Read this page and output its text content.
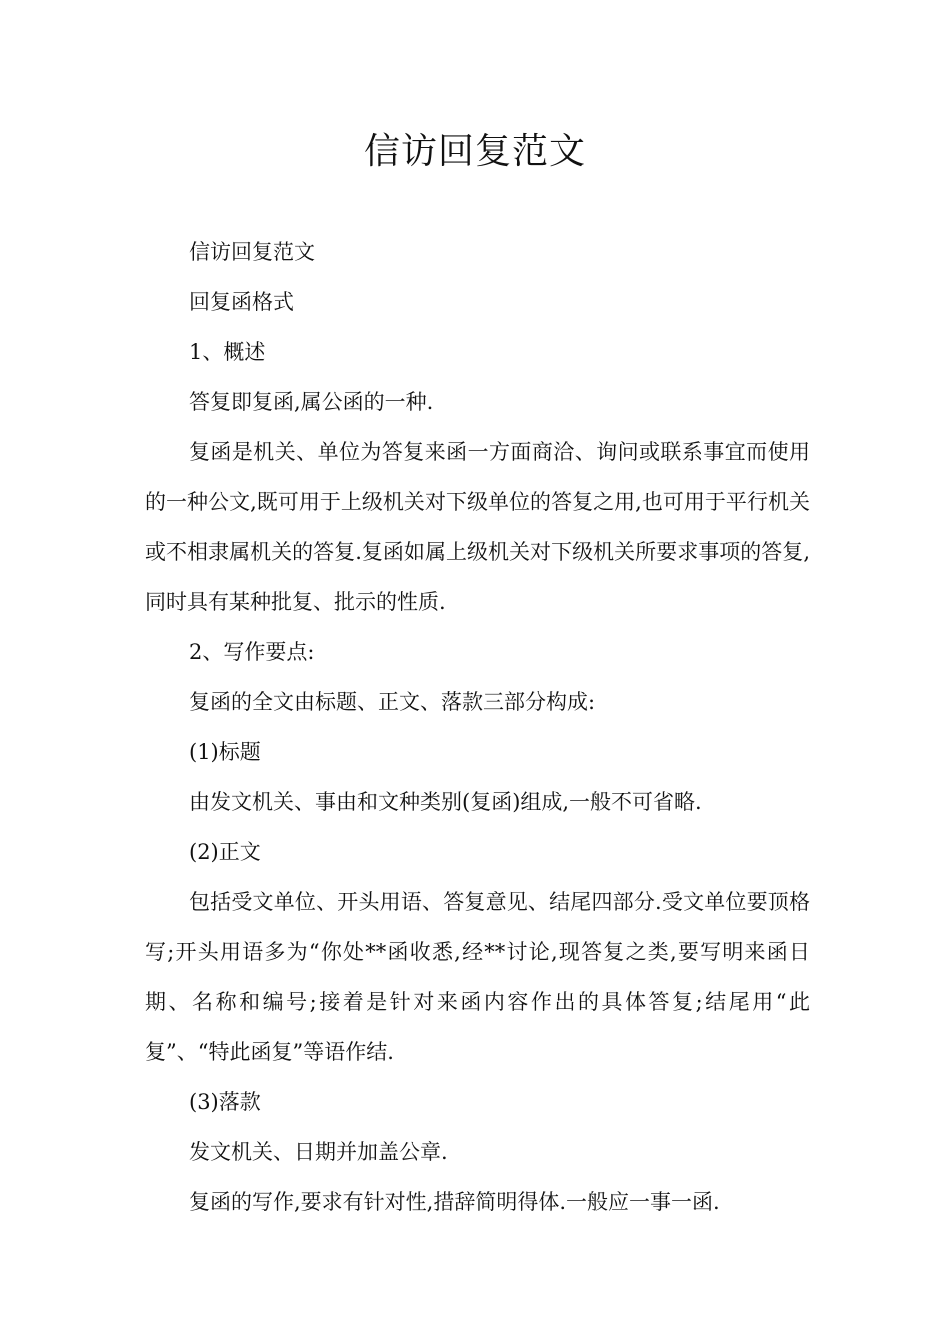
信访回复范文

信访回复范文

回复函格式

1、概述

答复即复函,属公函的一种.

复函是机关、单位为答复来函一方面商洽、询问或联系事宜而使用的一种公文,既可用于上级机关对下级单位的答复之用,也可用于平行机关或不相隶属机关的答复.复函如属上级机关对下级机关所要求事项的答复,同时具有某种批复、批示的性质.

2、写作要点:

复函的全文由标题、正文、落款三部分构成:

(1)标题

由发文机关、事由和文种类别(复函)组成,一般不可省略.

(2)正文

包括受文单位、开头用语、答复意见、结尾四部分.受文单位要顶格写;开头用语多为“你处**函收悉,经**讨论,现答复之类,要写明来函日期、名称和编号;接着是针对来函内容作出的具体答复;结尾用“此复”、“特此函复”等语作结.

(3)落款

发文机关、日期并加盖公章.

复函的写作,要求有针对性,措辞简明得体.一般应一事一函.
